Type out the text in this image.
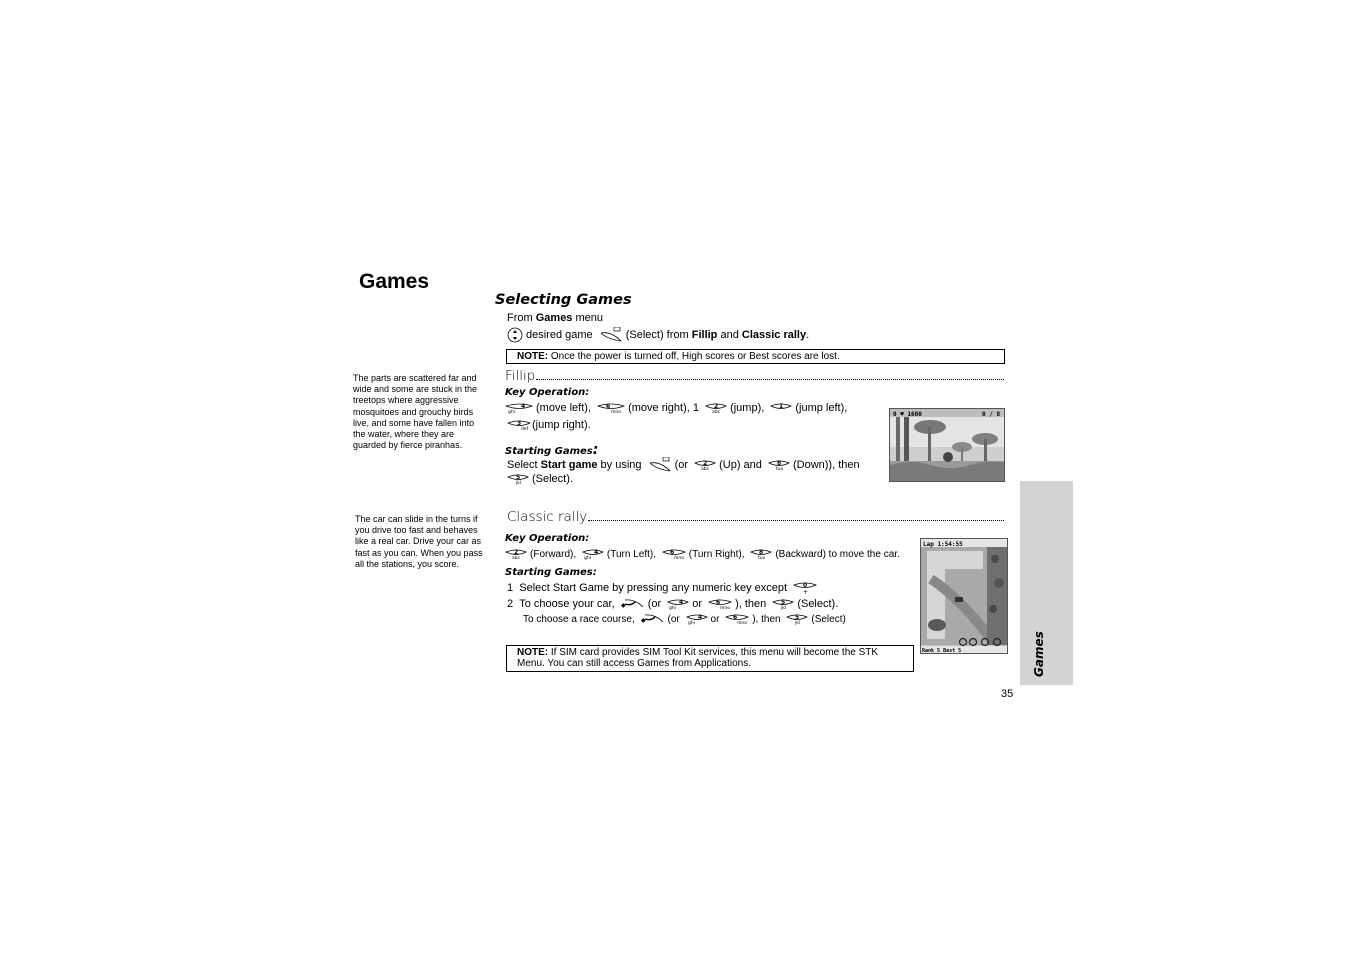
Games
Selecting Games
From Games menu
desired game	(Select) from Fillip and Classic rally.
NOTE: Once the power is turned off, High scores or Best scores are lost.
The parts are scattered far and wide and some are stuck in the treetops where aggressive mosquitoes and grouchy birds live, and some have fallen into the water, where they are guarded by fierce piranhas.
Fillip
Key Operation:
4
ghi (move left),	6
mno (move right), 1	2
abc (jump),	1 (jump left),
3
def (jump right).
Starting Games:
Select Start game by using	(or	2
abc (Up) and	8
tuv (Down)), then
5
jkl (Select).
0 ♥ 1600	0 / 8
The car can slide in the turns if you drive too fast and behaves like a real car. Drive your car as fast as you can. When you pass all the stations, you score.
Classic rally
Key Operation:
2
abc (Forward),	4
ghi (Turn Left), 6
mno (Turn Right), 8
tuv (Backward) to move the car.
Starting Games:
1 Select Start Game by pressing any numeric key except	0
+
2 To choose your car, ◆ (or	4
ghi or 6
mno ), then	5
jkl (Select).
To choose a race course, ◆ (or	4
ghi or 6
mno ), then 5
jkl (Select)
Lap 1:54:55
Rank 5 Best 5
NOTE: If SIM card provides SIM Tool Kit services, this menu will become the STK Menu. You can still access Games from Applications.	Games
35
